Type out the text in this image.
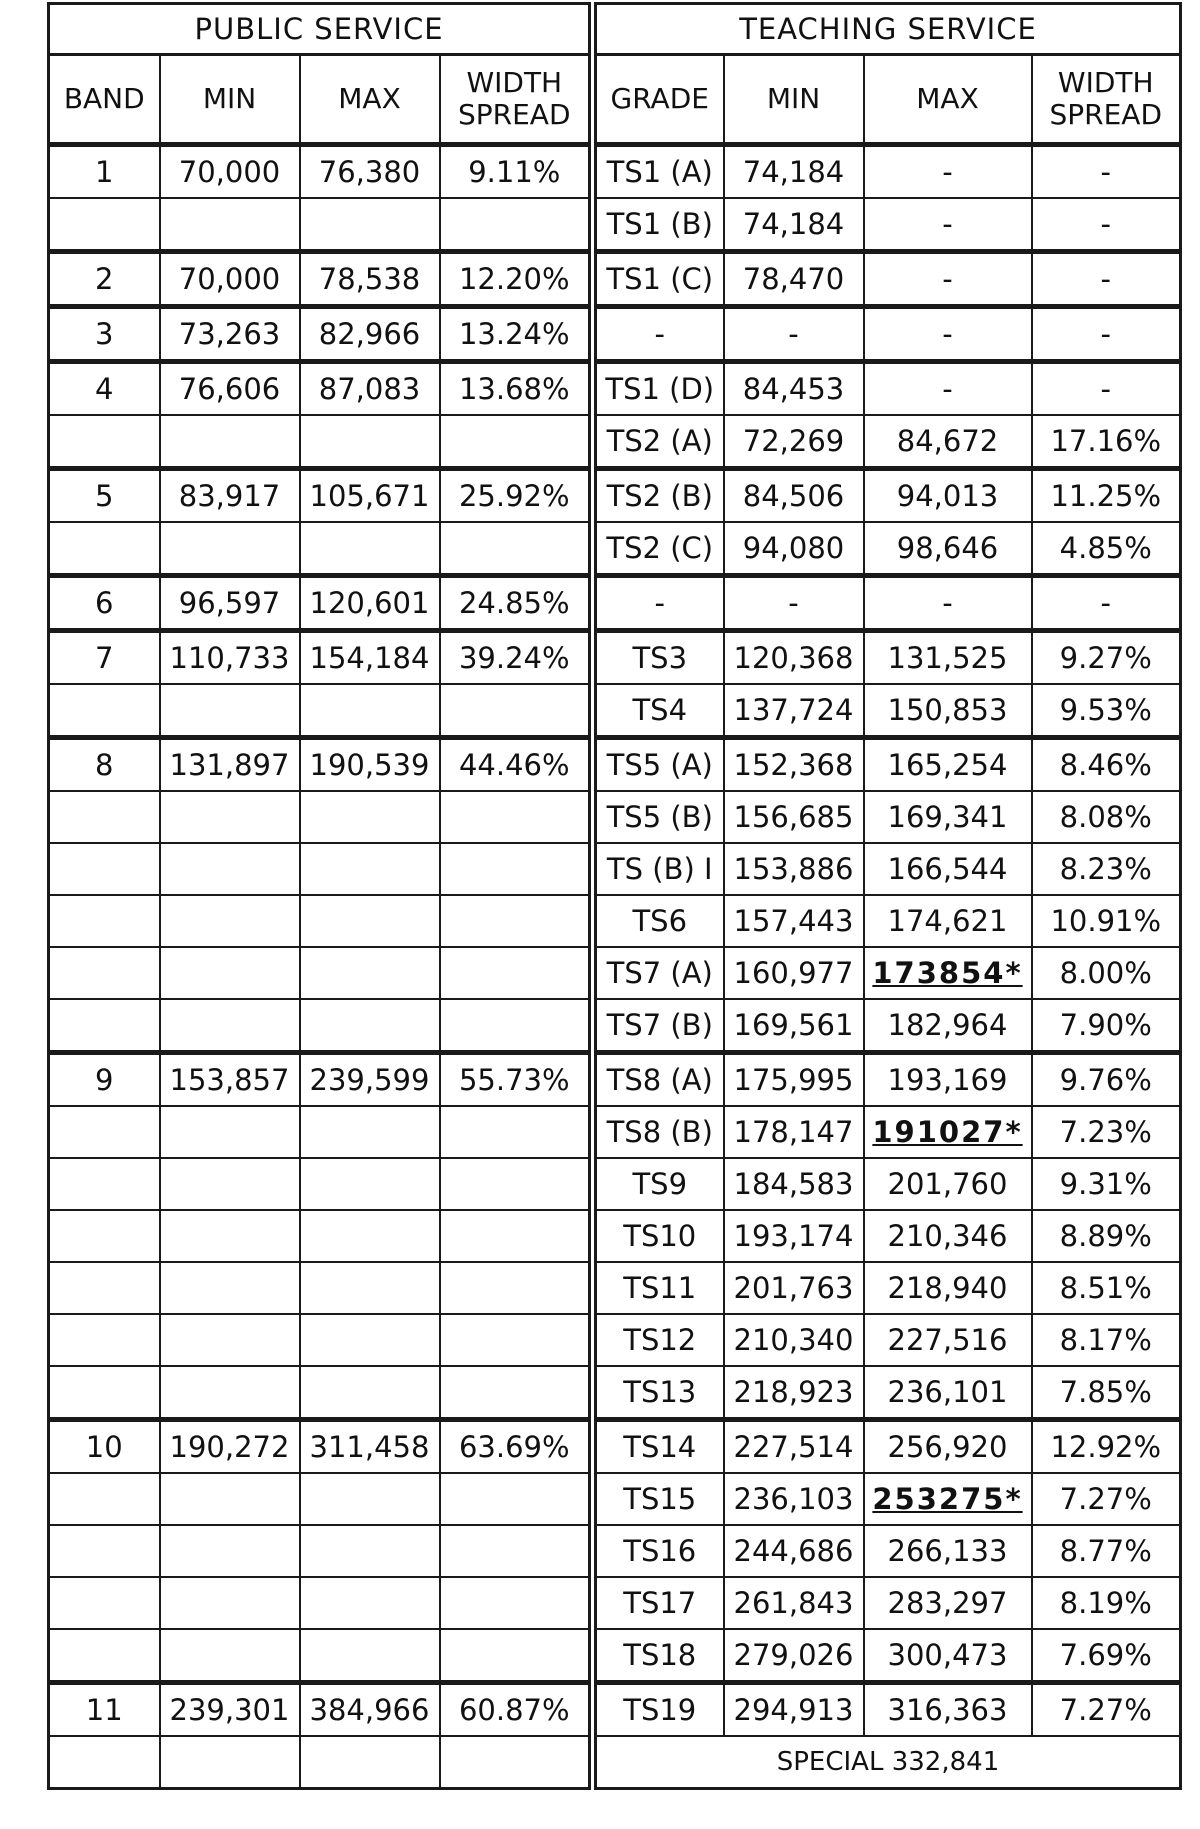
PUBLIC SERVICE			
BAND	MIN	MAX	WIDTH
SPREAD

1	70,000	76,380	9.11%

2	70,000	78,538	12.20%
3	73,263	82,966	13.24%
4	76,606	87,083	13.68%

5	83,917	105,671	25.92%

6	96,597	120,601	24.85%
7	110,733	154,184	39.24%

8	131,897	190,539	44.46%

9	153,857	239,599	55.73%

10	190,272	311,458	63.69%

11	239,301	384,966	60.87%

TEACHING SERVICE			
GRADE	MIN	MAX	WIDTH
SPREAD

TS1 (A)	74,184	-	-
TS1 (B)	74,184	-	-
TS1 (C)	78,470	-	-
-	-	-	-
TS1 (D)	84,453	-	-
TS2 (A)	72,269	84,672	17.16%
TS2 (B)	84,506	94,013	11.25%
TS2 (C)	94,080	98,646	4.85%
-	-	-	-
TS3	120,368	131,525	9.27%
TS4	137,724	150,853	9.53%
TS5 (A)	152,368	165,254	8.46%
TS5 (B)	156,685	169,341	8.08%
TS (B) I	153,886	166,544	8.23%
TS6	157,443	174,621	10.91%
TS7 (A)	160,977	173854*	8.00%
TS7 (B)	169,561	182,964	7.90%
TS8 (A)	175,995	193,169	9.76%
TS8 (B)	178,147	191027*	7.23%
TS9	184,583	201,760	9.31%
TS10	193,174	210,346	8.89%
TS11	201,763	218,940	8.51%
TS12	210,340	227,516	8.17%
TS13	218,923	236,101	7.85%
TS14	227,514	256,920	12.92%
TS15	236,103	253275*	7.27%
TS16	244,686	266,133	8.77%
TS17	261,843	283,297	8.19%
TS18	279,026	300,473	7.69%
TS19	294,913	316,363	7.27%
SPECIAL 332,841			
